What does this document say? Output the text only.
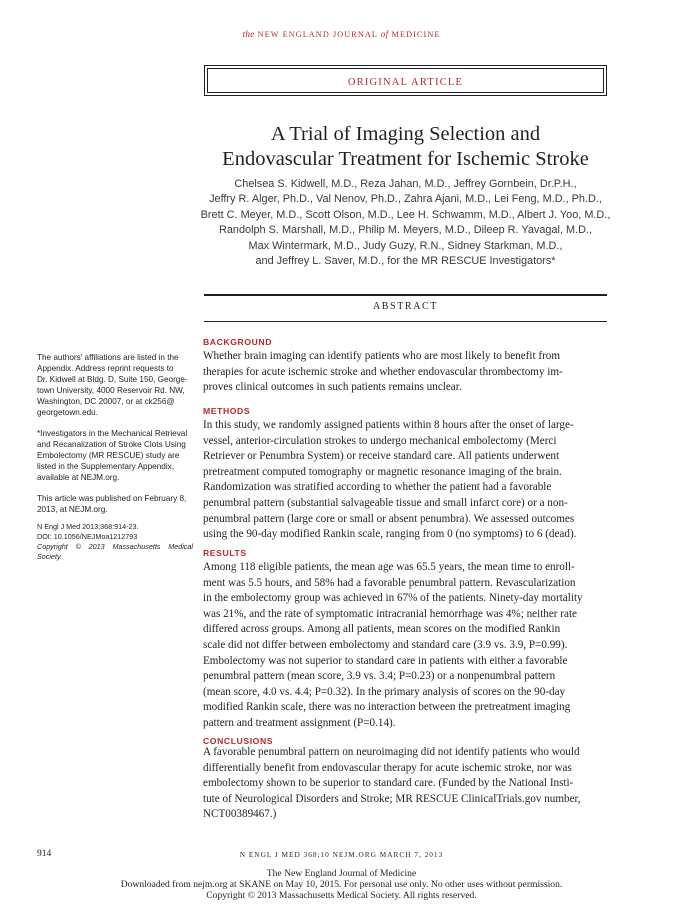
the NEW ENGLAND JOURNAL of MEDICINE
ORIGINAL ARTICLE
A Trial of Imaging Selection and
Endovascular Treatment for Ischemic Stroke
Chelsea S. Kidwell, M.D., Reza Jahan, M.D., Jeffrey Gornbein, Dr.P.H.,
Jeffry R. Alger, Ph.D., Val Nenov, Ph.D., Zahra Ajani, M.D., Lei Feng, M.D., Ph.D.,
Brett C. Meyer, M.D., Scott Olson, M.D., Lee H. Schwamm, M.D., Albert J. Yoo, M.D.,
Randolph S. Marshall, M.D., Philip M. Meyers, M.D., Dileep R. Yavagal, M.D.,
Max Wintermark, M.D., Judy Guzy, R.N., Sidney Starkman, M.D.,
and Jeffrey L. Saver, M.D., for the MR RESCUE Investigators*
ABSTRACT
BACKGROUND
Whether brain imaging can identify patients who are most likely to benefit from
therapies for acute ischemic stroke and whether endovascular thrombectomy im-
proves clinical outcomes in such patients remains unclear.
METHODS
In this study, we randomly assigned patients within 8 hours after the onset of large-
vessel, anterior-circulation strokes to undergo mechanical embolectomy (Merci
Retriever or Penumbra System) or receive standard care. All patients underwent
pretreatment computed tomography or magnetic resonance imaging of the brain.
Randomization was stratified according to whether the patient had a favorable
penumbral pattern (substantial salvageable tissue and small infarct core) or a non-
penumbral pattern (large core or small or absent penumbra). We assessed outcomes
using the 90-day modified Rankin scale, ranging from 0 (no symptoms) to 6 (dead).
RESULTS
Among 118 eligible patients, the mean age was 65.5 years, the mean time to enroll-
ment was 5.5 hours, and 58% had a favorable penumbral pattern. Revascularization
in the embolectomy group was achieved in 67% of the patients. Ninety-day mortality
was 21%, and the rate of symptomatic intracranial hemorrhage was 4%; neither rate
differed across groups. Among all patients, mean scores on the modified Rankin
scale did not differ between embolectomy and standard care (3.9 vs. 3.9, P=0.99).
Embolectomy was not superior to standard care in patients with either a favorable
penumbral pattern (mean score, 3.9 vs. 3.4; P=0.23) or a nonpenumbral pattern
(mean score, 4.0 vs. 4.4; P=0.32). In the primary analysis of scores on the 90-day
modified Rankin scale, there was no interaction between the pretreatment imaging
pattern and treatment assignment (P=0.14).
CONCLUSIONS
A favorable penumbral pattern on neuroimaging did not identify patients who would
differentially benefit from endovascular therapy for acute ischemic stroke, nor was
embolectomy shown to be superior to standard care. (Funded by the National Insti-
tute of Neurological Disorders and Stroke; MR RESCUE ClinicalTrials.gov number,
NCT00389467.)
The authors' affiliations are listed in the
Appendix. Address reprint requests to
Dr. Kidwell at Bldg. D, Suite 150, George-
town University, 4000 Reservoir Rd. NW,
Washington, DC 20007, or at ck256@
georgetown.edu.
*Investigators in the Mechanical Retrieval
and Recanalization of Stroke Clots Using
Embolectomy (MR RESCUE) study are
listed in the Supplementary Appendix,
available at NEJM.org.
This article was published on February 8,
2013, at NEJM.org.
N Engl J Med 2013;368:914-23.
DOI: 10.1056/NEJMoa1212793
Copyright © 2013 Massachusetts Medical Society.
914	N ENGL J MED 368;10 NEJM.ORG MARCH 7, 2013
The New England Journal of Medicine
Downloaded from nejm.org at SKANE on May 10, 2015. For personal use only. No other uses without permission.
Copyright © 2013 Massachusetts Medical Society. All rights reserved.
